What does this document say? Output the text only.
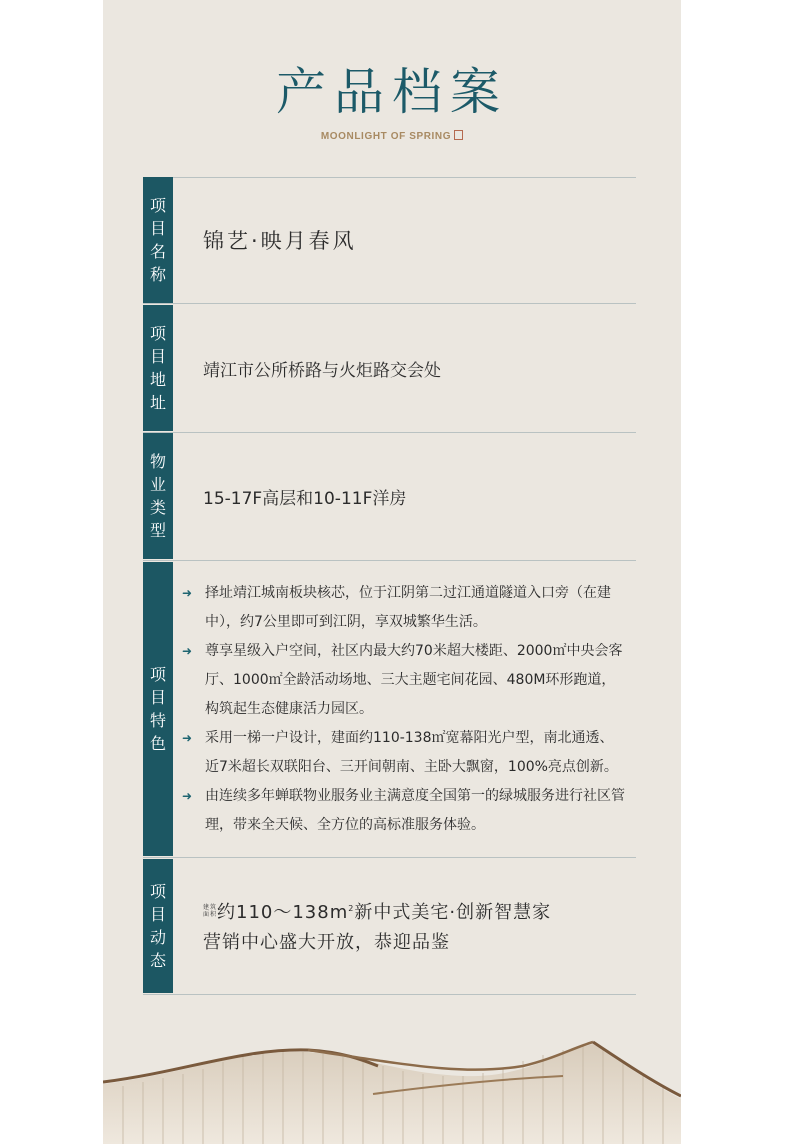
产品档案
MOONLIGHT OF SPRING
项
目
名
称
锦艺·映月春风
项
目
地
址
靖江市公所桥路与火炬路交会处
物
业
类
型
15-17F高层和10-11F洋房
项
目
特
色
➜ 择址靖江城南板块核芯，位于江阴第二过江通道隧道入口旁（在建中），约7公里即可到江阴，享双城繁华生活。
➜ 尊享星级入户空间，社区内最大约70米超大楼距、2000㎡中央会客厅、1000㎡全龄活动场地、三大主题宅间花园、480M环形跑道，构筑起生态健康活力园区。
➜ 采用一梯一户设计，建面约110-138㎡宽幕阳光户型，南北通透、近7米超长双联阳台、三开间朝南、主卧大飘窗，100%亮点创新。
➜ 由连续多年蝉联物业服务业主满意度全国第一的绿城服务进行社区管理，带来全天候、全方位的高标准服务体验。
项
目
动
态
建筑
面积 约$110\sim 138m^2$新中式美宅·创新智慧家
营销中心盛大开放，恭迎品鉴
